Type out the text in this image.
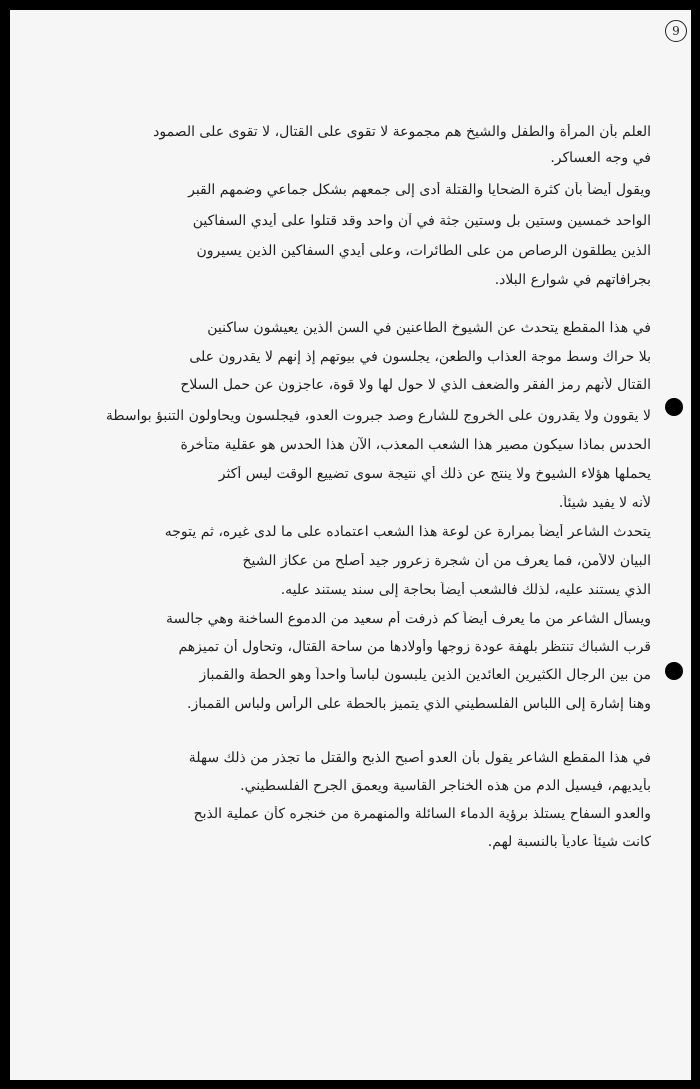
9
العلم بأن المرأة والطفل والشيخ هم مجموعة لا تقوى على القتال، لا تقوى على الصمود
في وجه العساكر.
ويقول أيضاً بأن كثرة الضحايا والقتلة أدى إلى جمعهم بشكل جماعي وضمهم القبر
الواحد خمسين وستين بل وستين جثة في آن واحد وقد قتلوا على أيدي السفاكين
الذين يطلقون الرصاص من على الطائرات، وعلى أيدي السفاكين الذين يسيرون
بجرافاتهم في شوارع البلاد.
في هذا المقطع يتحدث عن الشيوخ الطاعنين في السن الذين يعيشون ساكنين
بلا حراك وسط موجة العذاب والطعن، يجلسون في بيوتهم إذ إنهم لا يقدرون على
القتال لأنهم رمز الفقر والضعف الذي لا حول لها ولا قوة، عاجزون عن حمل السلاح
لا يقوون ولا يقدرون على الخروج للشارع وصد جبروت العدو، فيجلسون ويحاولون التنبؤ بواسطة
الحدس بماذا سيكون مصير هذا الشعب المعذب، الآن هذا الحدس هو عقلية متأخرة
يحملها هؤلاء الشيوخ ولا ينتج عن ذلك أي نتيجة سوى تضييع الوقت ليس أكثر
لأنه لا يفيد شيئاً.
يتحدث الشاعر أيضاً بمرارة عن لوعة هذا الشعب اعتماده على ما لدى غيره، ثم يتوجه
البيان لالأمن، فما يعرف من أن شجرة زعرور جيد أصلح من عكاز الشيخ
الذي يستند عليه، لذلك فالشعب أيضاً بحاجة إلى سند يستند عليه.
ويسأل الشاعر من ما يعرف أيضاً كم ذرفت أم سعيد من الدموع الساخنة وهي جالسة
قرب الشباك تنتظر بلهفة عودة زوجها وأولادها من ساحة القتال، وتحاول أن تميزهم
من بين الرجال الكثيرين العائدين الذين يلبسون لباساً واحداً وهو الحطة والقمباز
وهنا إشارة إلى اللباس الفلسطيني الذي يتميز بالحطة على الرأس ولباس القمباز.
في هذا المقطع الشاعر يقول بأن العدو أصبح الذبح والقتل ما تجذر من ذلك سهلة
بأيديهم، فيسيل الدم من هذه الخناجر القاسية ويعمق الجرح الفلسطيني.
والعدو السفاح يستلذ برؤية الدماء السائلة والمنهمرة من خنجره كأن عملية الذبح
كانت شيئاً عادياً بالنسبة لهم.
